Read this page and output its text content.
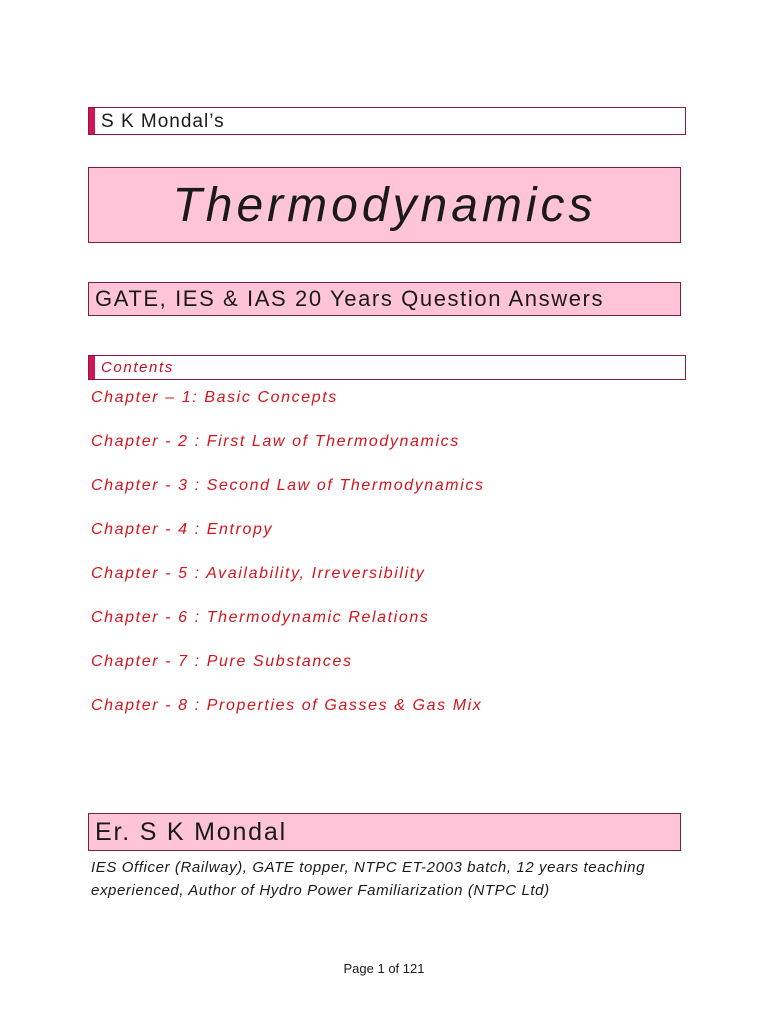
S K Mondal’s
Thermodynamics
GATE, IES & IAS 20 Years Question Answers
Contents
Chapter – 1: Basic Concepts
Chapter - 2 : First Law of Thermodynamics
Chapter - 3 : Second Law of Thermodynamics
Chapter - 4 : Entropy
Chapter - 5 : Availability, Irreversibility
Chapter - 6 : Thermodynamic Relations
Chapter - 7 : Pure Substances
Chapter - 8 : Properties of Gasses & Gas Mix
Er. S K Mondal
IES Officer (Railway), GATE topper, NTPC ET-2003 batch, 12 years teaching
experienced, Author of Hydro Power Familiarization (NTPC Ltd)
Page 1 of 121
